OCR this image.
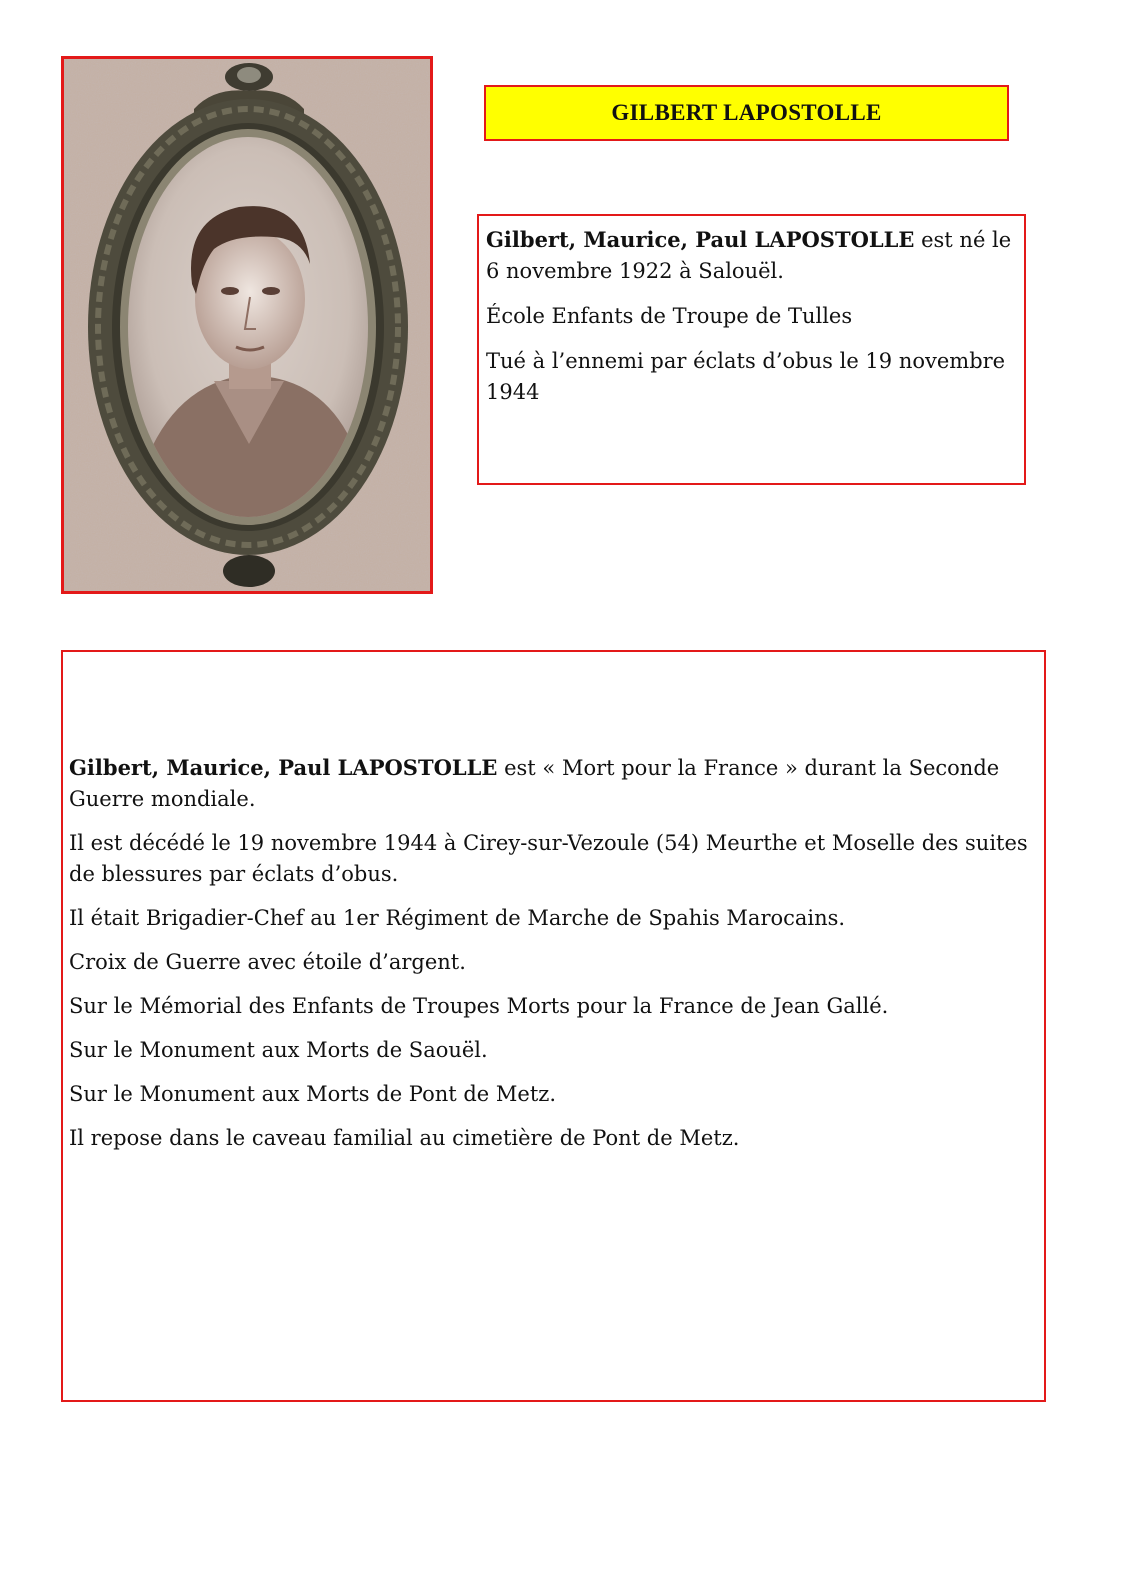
GILBERT LAPOSTOLLE

Gilbert, Maurice, Paul LAPOSTOLLE est né le 6 novembre 1922 à Salouël.

École Enfants de Troupe de Tulles

Tué à l’ennemi par éclats d’obus le 19 novembre 1944

Gilbert, Maurice, Paul LAPOSTOLLE est « Mort pour la France » durant la Seconde Guerre mondiale.

Il est décédé le 19 novembre 1944 à Cirey-sur-Vezoule (54) Meurthe et Moselle des suites de blessures par éclats d’obus.

Il était Brigadier-Chef au 1er Régiment de Marche de Spahis Marocains.

Croix de Guerre avec étoile d’argent.

Sur le Mémorial des Enfants de Troupes Morts pour la France de Jean Gallé.

Sur le Monument aux Morts de Saouël.

Sur le Monument aux Morts de Pont de Metz.

Il repose dans le caveau familial au cimetière de Pont de Metz.
